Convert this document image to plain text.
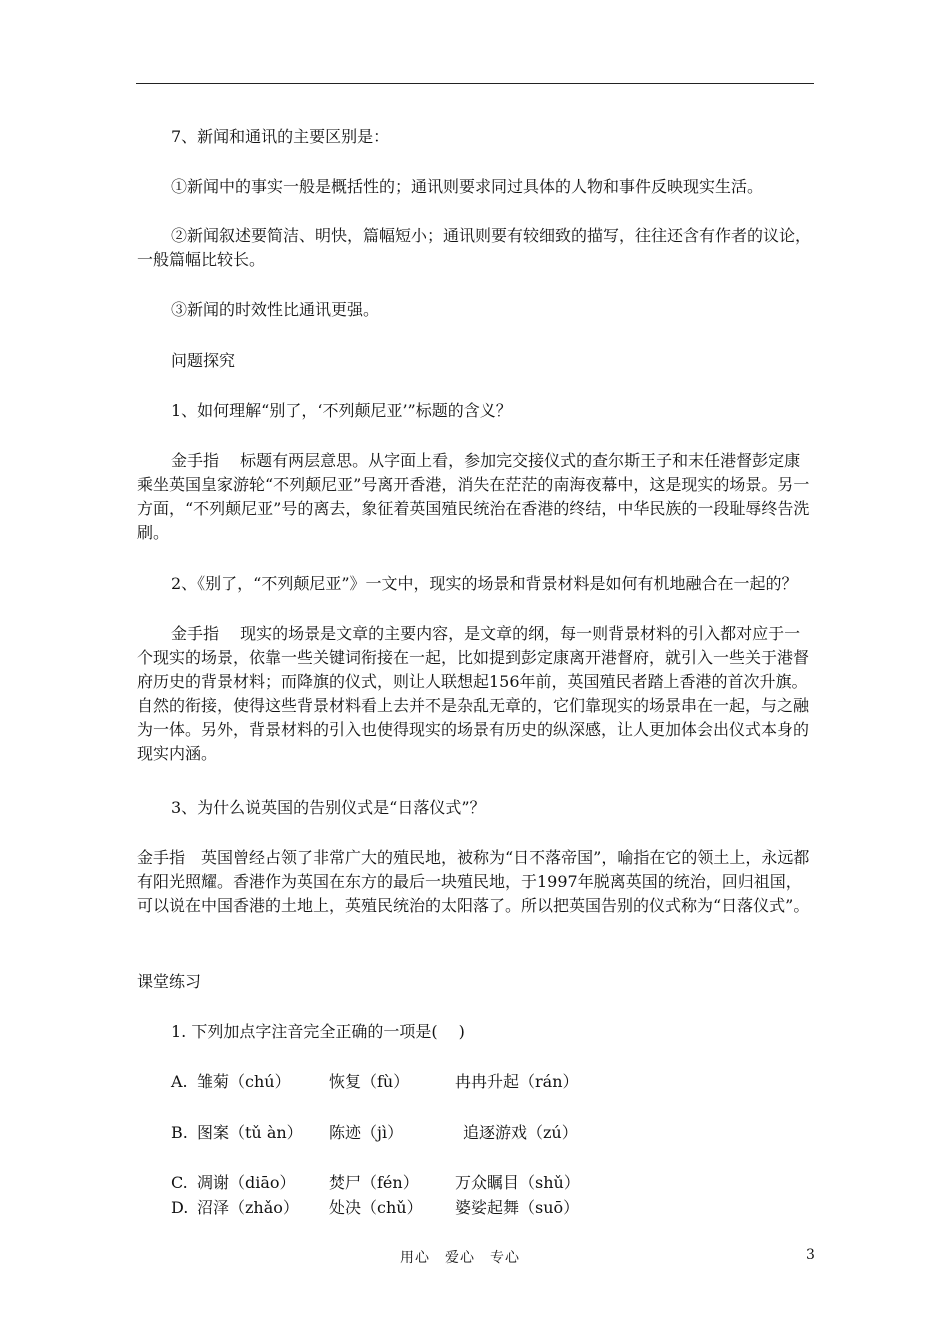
7、新闻和通讯的主要区别是：
①新闻中的事实一般是概括性的；通讯则要求同过具体的人物和事件反映现实生活。
②新闻叙述要简洁、明快，篇幅短小；通讯则要有较细致的描写，往往还含有作者的议论，一般篇幅比较长。
③新闻的时效性比通讯更强。
问题探究
1、如何理解“别了，‘不列颠尼亚’”标题的含义？
金手指　 标题有两层意思。从字面上看，参加完交接仪式的查尔斯王子和末任港督彭定康乘坐英国皇家游轮“不列颠尼亚”号离开香港，消失在茫茫的南海夜幕中，这是现实的场景。另一方面，“不列颠尼亚”号的离去，象征着英国殖民统治在香港的终结，中华民族的一段耻辱终告洗刷。
2、《别了，“不列颠尼亚”》一文中，现实的场景和背景材料是如何有机地融合在一起的？
金手指　 现实的场景是文章的主要内容，是文章的纲，每一则背景材料的引入都对应于一个现实的场景，依靠一些关键词衔接在一起，比如提到彭定康离开港督府，就引入一些关于港督府历史的背景材料；而降旗的仪式，则让人联想起156年前，英国殖民者踏上香港的首次升旗。自然的衔接，使得这些背景材料看上去并不是杂乱无章的，它们靠现实的场景串在一起，与之融为一体。另外，背景材料的引入也使得现实的场景有历史的纵深感，让人更加体会出仪式本身的现实内涵。
3、为什么说英国的告别仪式是“日落仪式”？
金手指　英国曾经占领了非常广大的殖民地，被称为“日不落帝国”，喻指在它的领土上，永远都有阳光照耀。香港作为英国在东方的最后一块殖民地，于1997年脱离英国的统治，回归祖国，可以说在中国香港的土地上，英殖民统治的太阳落了。所以把英国告别的仪式称为“日落仪式”。
课堂练习
1. 下列加点字注音完全正确的一项是(　 )
A. 雏菊（chú） 恢复（fù）	冉冉升起（rán）
B. 图案（tǔ àn） 陈迹（jì）	追逐游戏（zú）
C. 凋谢（diāo） 焚尸（fén） 万众瞩目（shǔ）
D. 沼泽（zhǎo） 处决（chǔ） 婆娑起舞（suō）
用心　爱心　专心	3
